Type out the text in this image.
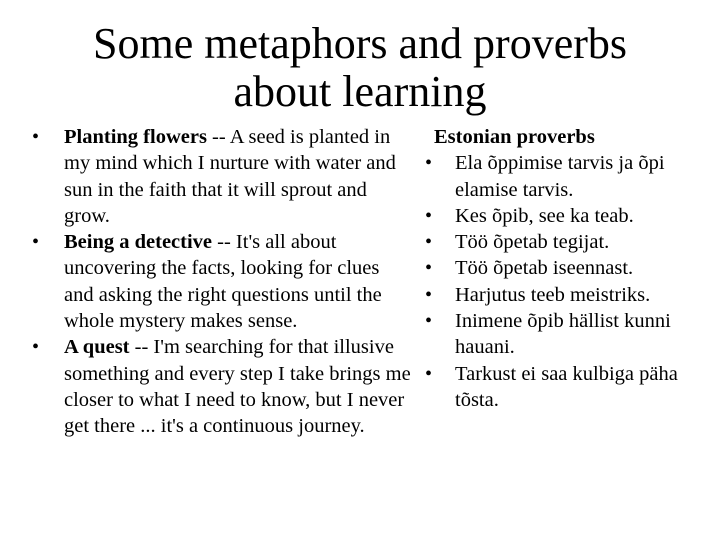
Some metaphors and proverbs
about learning
• Planting flowers -- A seed is planted in my mind which I nurture with water and sun in the faith that it will sprout and grow.
• Being a detective -- It's all about uncovering the facts, looking for clues and asking the right questions until the whole mystery makes sense.
• A quest -- I'm searching for that illusive something and every step I take brings me closer to what I need to know, but I never get there ... it's a continuous journey.
Estonian proverbs
• Ela õppimise tarvis ja õpi elamise tarvis.
• Kes õpib, see ka teab.
• Töö õpetab tegijat.
• Töö õpetab iseennast.
• Harjutus teeb meistriks.
• Inimene õpib hällist kunni hauani.
• Tarkust ei saa kulbiga päha tõsta.
